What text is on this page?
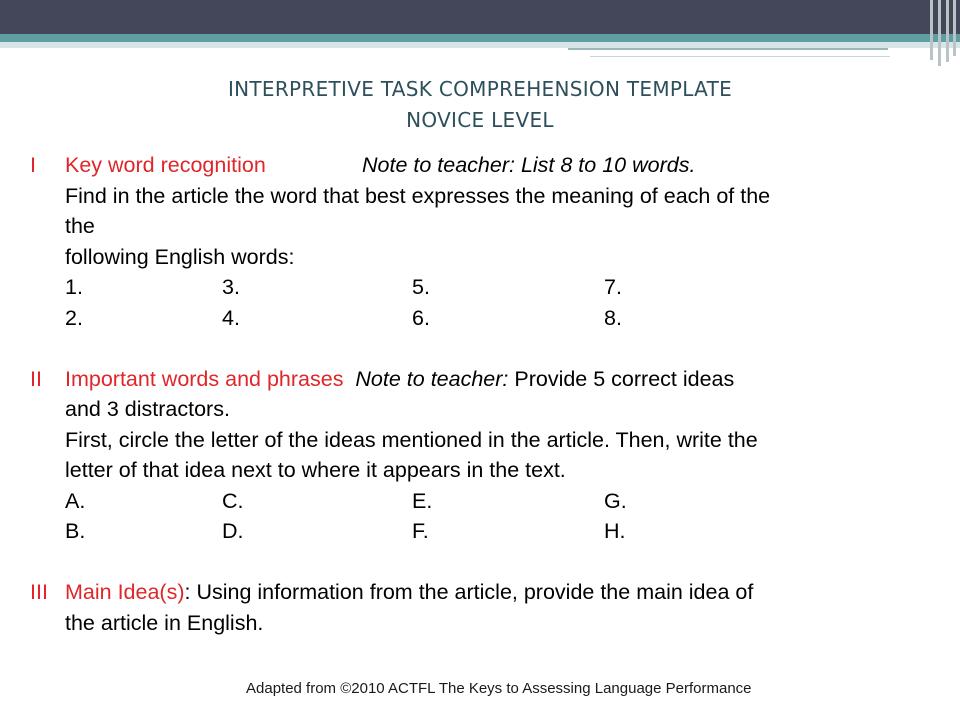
INTERPRETIVE TASK COMPREHENSION TEMPLATE
NOVICE LEVEL
I	Key word recognition	Note to teacher: List 8 to 10 words.
Find in the article the word that best expresses the meaning of each of the
the
following English words:
1.	3.	5.	7.
2.	4.	6.	8.
II	Important words and phrases Note to teacher: Provide 5 correct ideas
and 3 distractors.
First, circle the letter of the ideas mentioned in the article. Then, write the
letter of that idea next to where it appears in the text.
A.	C.	E.	G.
B.	D.	F.	H.
III Main Idea(s): Using information from the article, provide the main idea of
the article in English.
Adapted from ©2010 ACTFL The Keys to Assessing Language Performance
